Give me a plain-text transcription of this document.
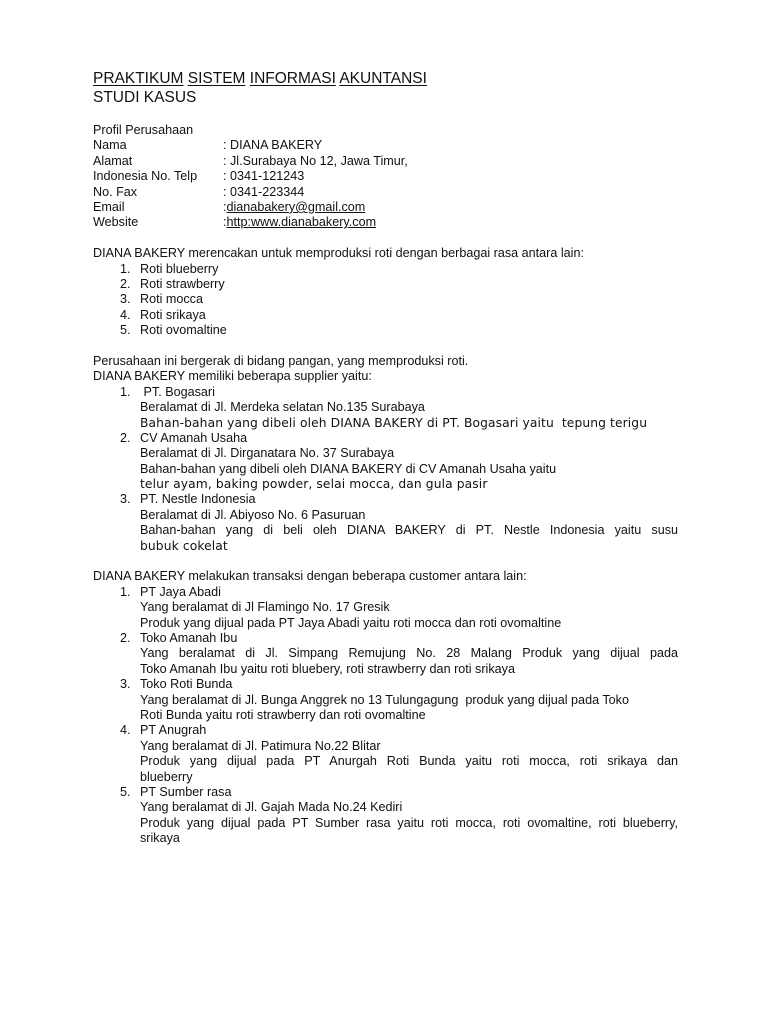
PRAKTIKUM SISTEM INFORMASI AKUNTANSI
STUDI KASUS
Profil Perusahaan
Nama	: DIANA BAKERY
Alamat	: Jl.Surabaya No 12, Jawa Timur,
Indonesia No. Telp	: 0341-121243
No. Fax	: 0341-223344
Email	:dianabakery@gmail.com
Website	:http:www.dianabakery.com
DIANA BAKERY merencakan untuk memproduksi roti dengan berbagai rasa antara lain:
1. Roti blueberry
2. Roti strawberry
3. Roti mocca
4. Roti srikaya
5. Roti ovomaltine
Perusahaan ini bergerak di bidang pangan, yang memproduksi roti.
DIANA BAKERY memiliki beberapa supplier yaitu:
1. PT. Bogasari
Beralamat di Jl. Merdeka selatan No.135 Surabaya
Bahan-bahan yang dibeli oleh DIANA BAKERY di PT. Bogasari yaitu  tepung terigu
2. CV Amanah Usaha
Beralamat di Jl. Dirganatara No. 37 Surabaya
Bahan-bahan yang dibeli oleh DIANA BAKERY di CV Amanah Usaha yaitu
telur ayam, baking powder, selai mocca, dan gula pasir
3. PT. Nestle Indonesia
Beralamat di Jl. Abiyoso No. 6 Pasuruan
Bahan-bahan yang di beli oleh DIANA BAKERY di PT. Nestle Indonesia yaitu susu
bubuk cokelat
DIANA BAKERY melakukan transaksi dengan beberapa customer antara lain:
1. PT Jaya Abadi
Yang beralamat di Jl Flamingo No. 17 Gresik
Produk yang dijual pada PT Jaya Abadi yaitu roti mocca dan roti ovomaltine
2. Toko Amanah Ibu
Yang beralamat di Jl. Simpang Remujung No. 28 Malang Produk yang dijual pada
Toko Amanah Ibu yaitu roti bluebery, roti strawberry dan roti srikaya
3. Toko Roti Bunda
Yang beralamat di Jl. Bunga Anggrek no 13 Tulungagung  produk yang dijual pada Toko
Roti Bunda yaitu roti strawberry dan roti ovomaltine
4. PT Anugrah
Yang beralamat di Jl. Patimura No.22 Blitar
Produk yang dijual pada PT Anurgah Roti Bunda yaitu roti mocca, roti srikaya dan
blueberry
5. PT Sumber rasa
Yang beralamat di Jl. Gajah Mada No.24 Kediri
Produk yang dijual pada PT Sumber rasa yaitu roti mocca, roti ovomaltine, roti blueberry,
srikaya
